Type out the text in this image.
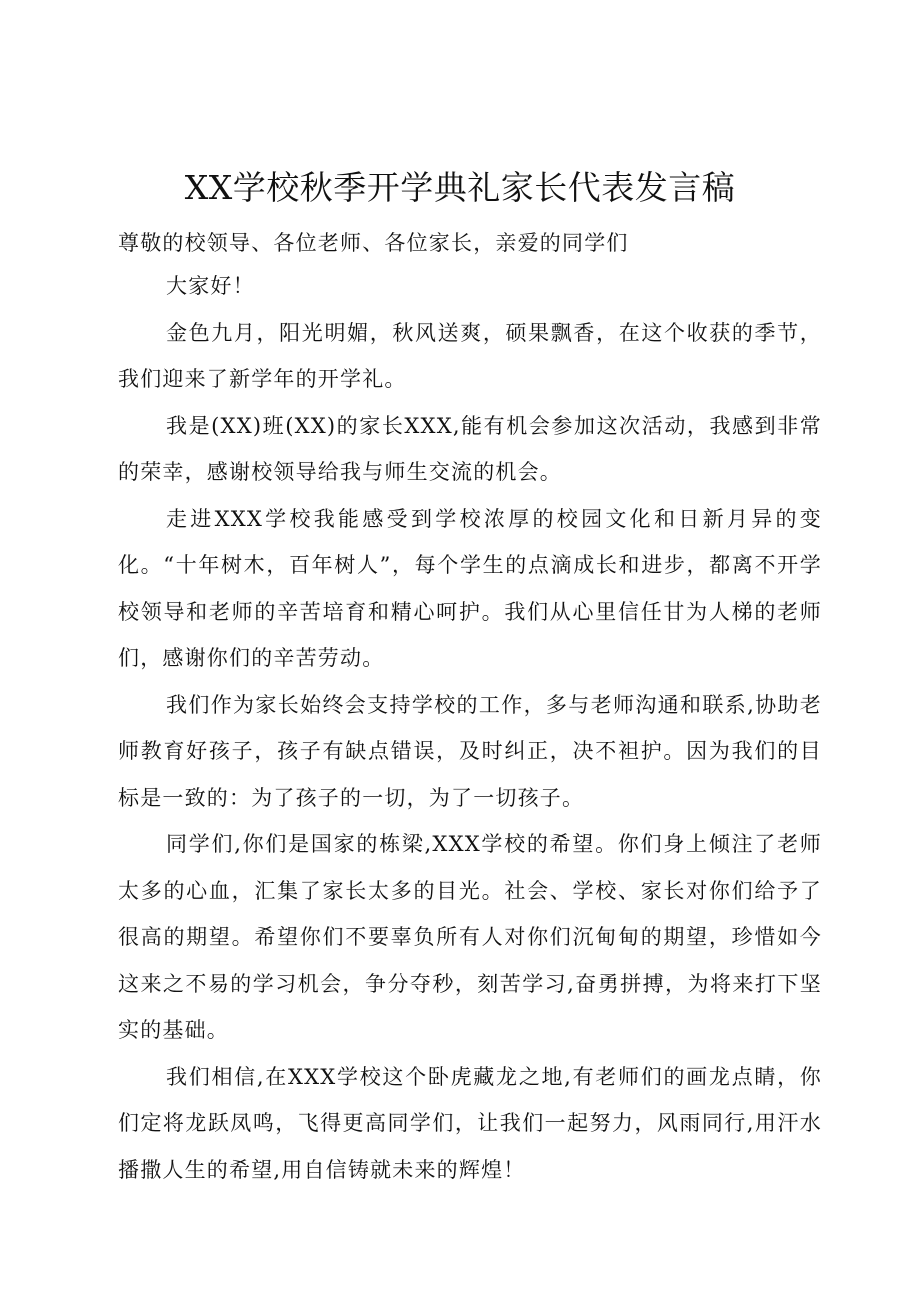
XX学校秋季开学典礼家长代表发言稿

尊敬的校领导、各位老师、各位家长，亲爱的同学们

大家好！

金色九月，阳光明媚，秋风送爽，硕果飘香，在这个收获的季节，我们迎来了新学年的开学礼。

我是(XX)班(XX)的家长XXX,能有机会参加这次活动，我感到非常的荣幸，感谢校领导给我与师生交流的机会。

走进XXX学校我能感受到学校浓厚的校园文化和日新月异的变化。“十年树木，百年树人”，每个学生的点滴成长和进步，都离不开学校领导和老师的辛苦培育和精心呵护。我们从心里信任甘为人梯的老师们，感谢你们的辛苦劳动。

我们作为家长始终会支持学校的工作，多与老师沟通和联系,协助老师教育好孩子，孩子有缺点错误，及时纠正，决不袒护。因为我们的目标是一致的：为了孩子的一切，为了一切孩子。

同学们,你们是国家的栋梁,XXX学校的希望。你们身上倾注了老师太多的心血，汇集了家长太多的目光。社会、学校、家长对你们给予了很高的期望。希望你们不要辜负所有人对你们沉甸甸的期望，珍惜如今这来之不易的学习机会，争分夺秒，刻苦学习,奋勇拼搏，为将来打下坚实的基础。

我们相信,在XXX学校这个卧虎藏龙之地,有老师们的画龙点睛，你们定将龙跃凤鸣，飞得更高同学们，让我们一起努力，风雨同行,用汗水播撒人生的希望,用自信铸就未来的辉煌！
